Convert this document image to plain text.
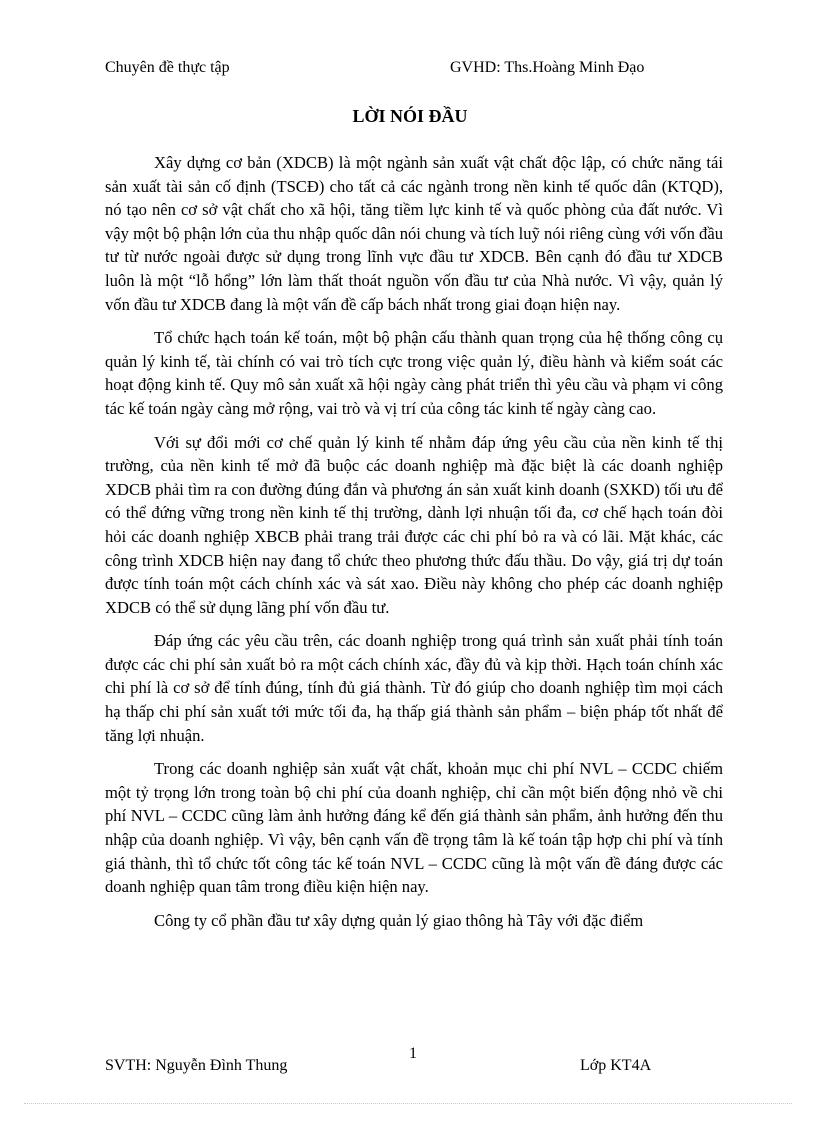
Chuyên đề thực tập	GVHD: Ths.Hoàng Minh Đạo
LỜI NÓI ĐẦU

Xây dựng cơ bản (XDCB) là một ngành sản xuất vật chất độc lập, có chức năng tái sản xuất tài sản cố định (TSCĐ) cho tất cả các ngành trong nền kinh tế quốc dân (KTQD), nó tạo nên cơ sở vật chất cho xã hội, tăng tiềm lực kinh tế và quốc phòng của đất nước. Vì vậy một bộ phận lớn của thu nhập quốc dân nói chung và tích luỹ nói riêng cùng với vốn đầu tư từ nước ngoài được sử dụng trong lĩnh vực đầu tư XDCB. Bên cạnh đó đầu tư XDCB luôn là một “lỗ hổng” lớn làm thất thoát nguồn vốn đầu tư của Nhà nước. Vì vậy, quản lý vốn đầu tư XDCB đang là một vấn đề cấp bách nhất trong giai đoạn hiện nay.

Tổ chức hạch toán kế toán, một bộ phận cấu thành quan trọng của hệ thống công cụ quản lý kinh tế, tài chính có vai trò tích cực trong việc quản lý, điều hành và kiểm soát các hoạt động kinh tế. Quy mô sản xuất xã hội ngày càng phát triển thì yêu cầu và phạm vi công tác kế toán ngày càng mở rộng, vai trò và vị trí của công tác kinh tế ngày càng cao.

Với sự đổi mới cơ chế quản lý kinh tế nhằm đáp ứng yêu cầu của nền kinh tế thị trường, của nền kinh tế mở đã buộc các doanh nghiệp mà đặc biệt là các doanh nghiệp XDCB phải tìm ra con đường đúng đắn và phương án sản xuất kinh doanh (SXKD) tối ưu để có thể đứng vững trong nền kinh tế thị trường, dành lợi nhuận tối đa, cơ chế hạch toán đòi hỏi các doanh nghiệp XBCB phải trang trải được các chi phí bỏ ra và có lãi. Mặt khác, các công trình XDCB hiện nay đang tổ chức theo phương thức đấu thầu. Do vậy, giá trị dự toán được tính toán một cách chính xác và sát xao. Điều này không cho phép các doanh nghiệp XDCB có thể sử dụng lãng phí vốn đầu tư.

Đáp ứng các yêu cầu trên, các doanh nghiệp trong quá trình sản xuất phải tính toán được các chi phí sản xuất bỏ ra một cách chính xác, đầy đủ và kịp thời. Hạch toán chính xác chi phí là cơ sở để tính đúng, tính đủ giá thành. Từ đó giúp cho doanh nghiệp tìm mọi cách hạ thấp chi phí sản xuất tới mức tối đa, hạ thấp giá thành sản phẩm – biện pháp tốt nhất để tăng lợi nhuận.

Trong các doanh nghiệp sản xuất vật chất, khoản mục chi phí NVL – CCDC chiếm một tỷ trọng lớn trong toàn bộ chi phí của doanh nghiệp, chỉ cần một biến động nhỏ về chi phí NVL – CCDC cũng làm ảnh hưởng đáng kể đến giá thành sản phẩm, ảnh hưởng đến thu nhập của doanh nghiệp. Vì vậy, bên cạnh vấn đề trọng tâm là kế toán tập hợp chi phí và tính giá thành, thì tổ chức tốt công tác kế toán NVL – CCDC cũng là một vấn đề đáng được các doanh nghiệp quan tâm trong điều kiện hiện nay.

Công ty cổ phần đầu tư xây dựng quản lý giao thông hà Tây với đặc điểm

SVTH: Nguyễn Đình Thung
1
Lớp KT4A
